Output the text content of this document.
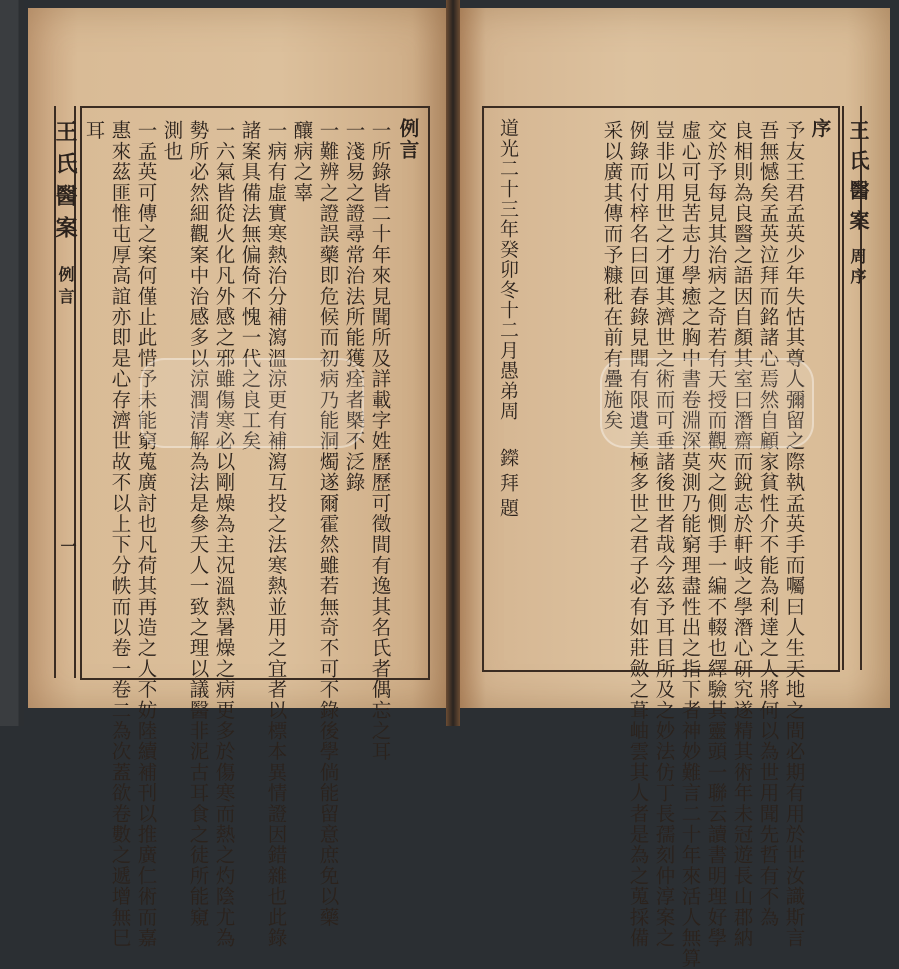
王氏醫案
例言
一
例言
一所錄皆二十年來見聞所及詳載字姓歷歷可徵間有逸其名氏者偶忘之耳
一淺易之證尋常治法所能獲痊者槩不泛錄
一難辨之證誤藥即危候而初病乃能洞燭遂爾霍然雖若無奇不可不錄後學倘能留意庶免以藥
釀病之辜
一病有虛實寒熱治分補瀉溫涼更有補瀉互投之法寒熱並用之宜者以標本異情證因錯雜也此錄
諸案具備法無偏倚不愧一代之良工矣
一六氣皆從火化凡外感之邪雖傷寒必以剛燥為主况溫熱暑燥之病更多於傷寒而熱之灼陰尤為
勢所必然細觀案中治感多以涼潤清解為法是參天人一致之理以議醫非泥古耳食之徒所能窺
測也
一孟英可傳之案何僅止此惜予未能窮蒐廣討也凡荷其再造之人不妨陸續補刊以推廣仁術而嘉
惠來茲匪惟屯厚高誼亦即是心存濟世故不以上下分帙而以卷一卷二為次蓋欲卷數之遞增無巳
耳	王氏醫案
周序
序
予友王君孟英少年失怙其尊人彌留之際執孟英手而囑曰人生天地之間必期有用於世汝識斯言
吾無憾矣孟英泣拜而銘諸心焉然自顧家貧性介不能為利達之人將何以為世用聞先哲有不為
良相則為良醫之語因自顏其室曰潛齋而銳志於軒岐之學潛心研究遂精其術年未冠遊長山郡納
交於予每見其治病之奇若有天授而觀夾之側惻手一編不輟也繹驗其靈頭一聯云讀書明理好學
虛心可見苦志力學癒之胸中書卷淵深莫測乃能窮理盡性出之指下者神妙難言二十年來活人無算
豈非以用世之才運其濟世之術而可垂諸後世者哉今茲予耳目所及之妙法仿丁長孺刻仲淳案之
例錄而付梓名曰回春錄見聞有限遺美極多世之君子必有如莊斂之葺岫雲其人者是為之蒐採備
采以廣其傳而予糠秕在前有疊施矣
道光二十三年癸卯冬十二月愚弟周
鑅拜題
